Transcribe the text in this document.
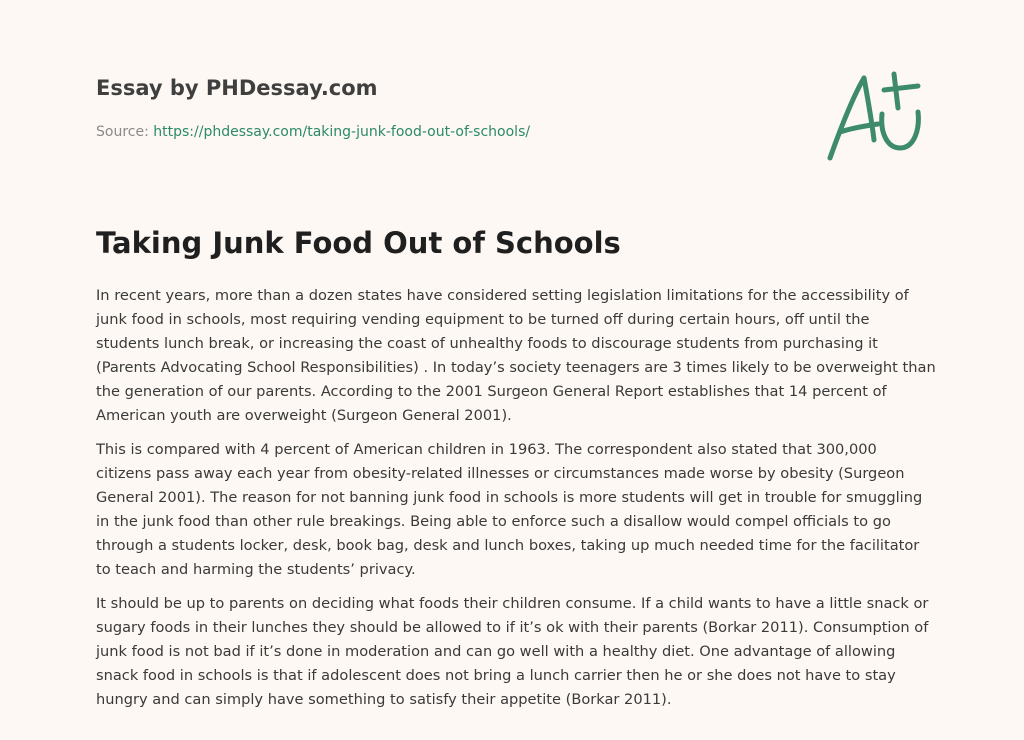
Essay by PHDessay.com
Source: https://phdessay.com/taking-junk-food-out-of-schools/
Taking Junk Food Out of Schools

In recent years, more than a dozen states have considered setting legislation limitations for the accessibility of junk food in schools, most requiring vending equipment to be turned off during certain hours, off until the students lunch break, or increasing the coast of unhealthy foods to discourage students from purchasing it (Parents Advocating School Responsibilities) . In today’s society teenagers are 3 times likely to be overweight than the generation of our parents. According to the 2001 Surgeon General Report establishes that 14 percent of American youth are overweight (Surgeon General 2001).

This is compared with 4 percent of American children in 1963. The correspondent also stated that 300,000 citizens pass away each year from obesity-related illnesses or circumstances made worse by obesity (Surgeon General 2001). The reason for not banning junk food in schools is more students will get in trouble for smuggling in the junk food than other rule breakings. Being able to enforce such a disallow would compel officials to go through a students locker, desk, book bag, desk and lunch boxes, taking up much needed time for the facilitator to teach and harming the students’ privacy.

It should be up to parents on deciding what foods their children consume. If a child wants to have a little snack or sugary foods in their lunches they should be allowed to if it’s ok with their parents (Borkar 2011). Consumption of junk food is not bad if it’s done in moderation and can go well with a healthy diet. One advantage of allowing snack food in schools is that if adolescent does not bring a lunch carrier then he or she does not have to stay hungry and can simply have something to satisfy their appetite (Borkar 2011).
